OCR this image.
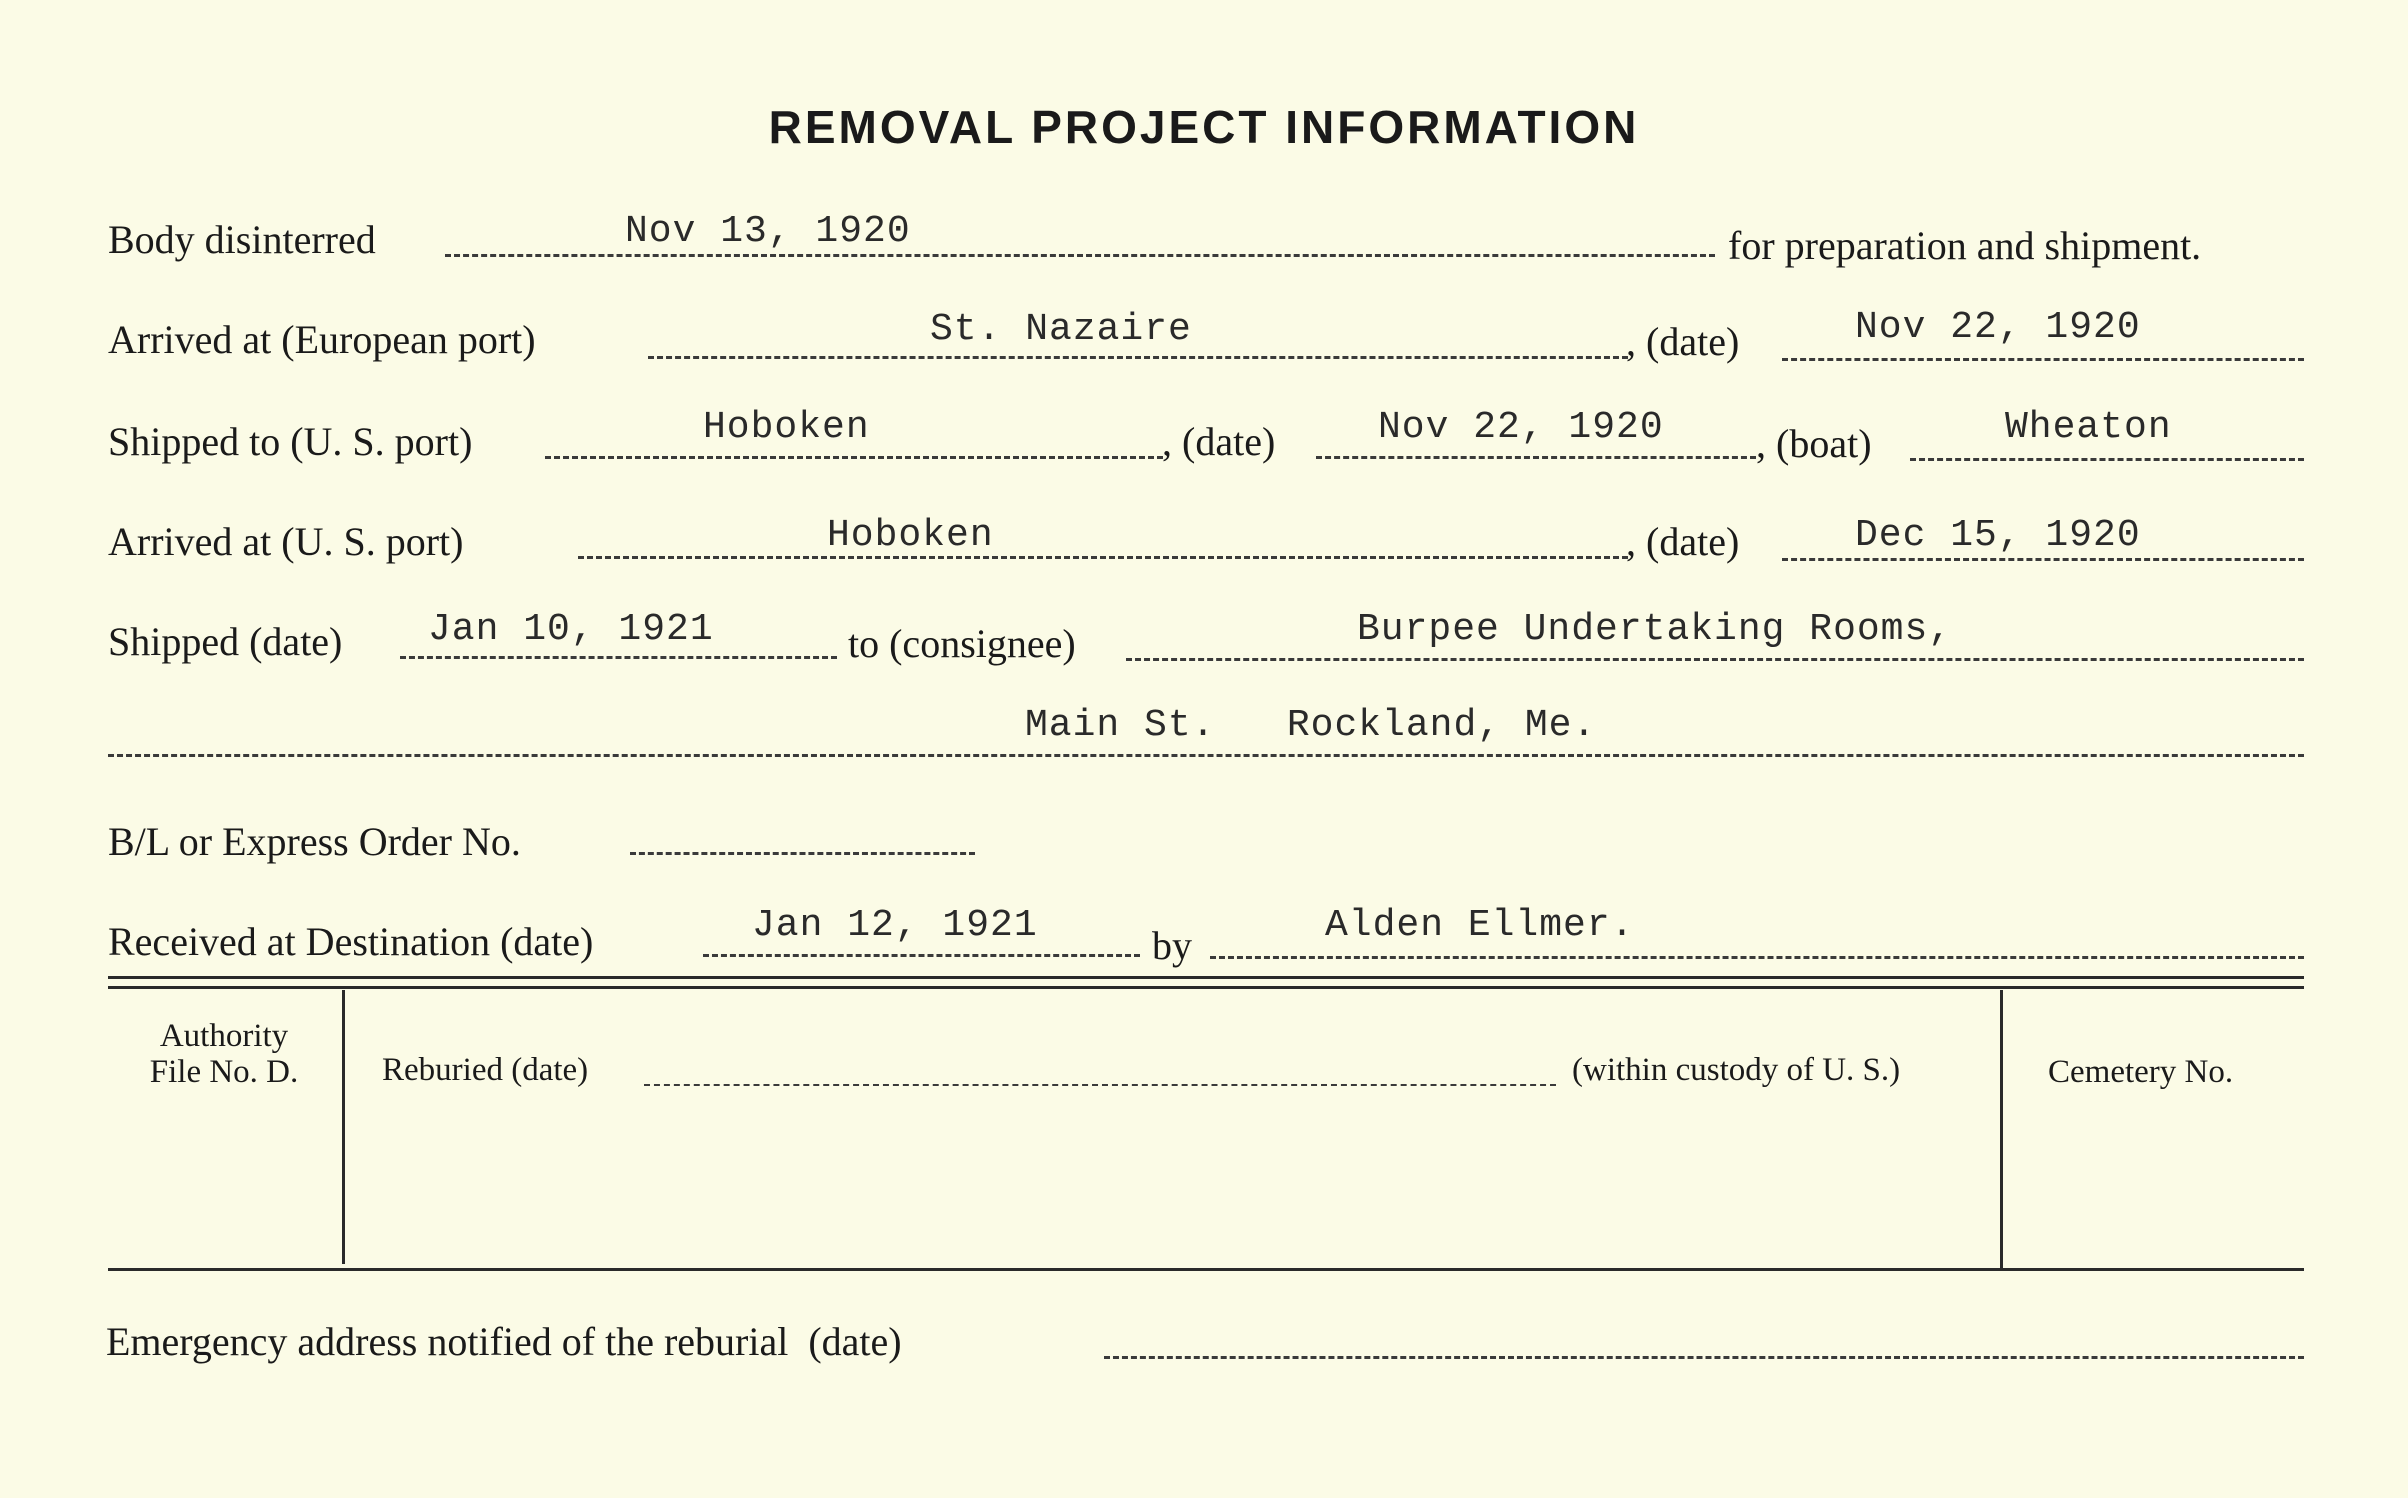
REMOVAL PROJECT INFORMATION
Body disinterred	Nov 13, 1920	for preparation and shipment.
Arrived at (European port)	St. Nazaire	, (date)	Nov 22, 1920
Shipped to (U. S. port)	Hoboken	, (date)	Nov 22, 1920 , (boat)	Wheaton
Arrived at (U. S. port)	Hoboken	, (date)	Dec 15, 1920
Shipped (date) Jan 10, 1921	to (consignee)	Burpee Undertaking Rooms,
Main St.   Rockland, Me.
B/L or Express Order No.
Received at Destination (date)	Jan 12, 1921	by	Alden Ellmer.
Authority
File No. D.	Reburied (date)	(within custody of U. S.)	Cemetery No.
Emergency address notified of the reburial  (date)
